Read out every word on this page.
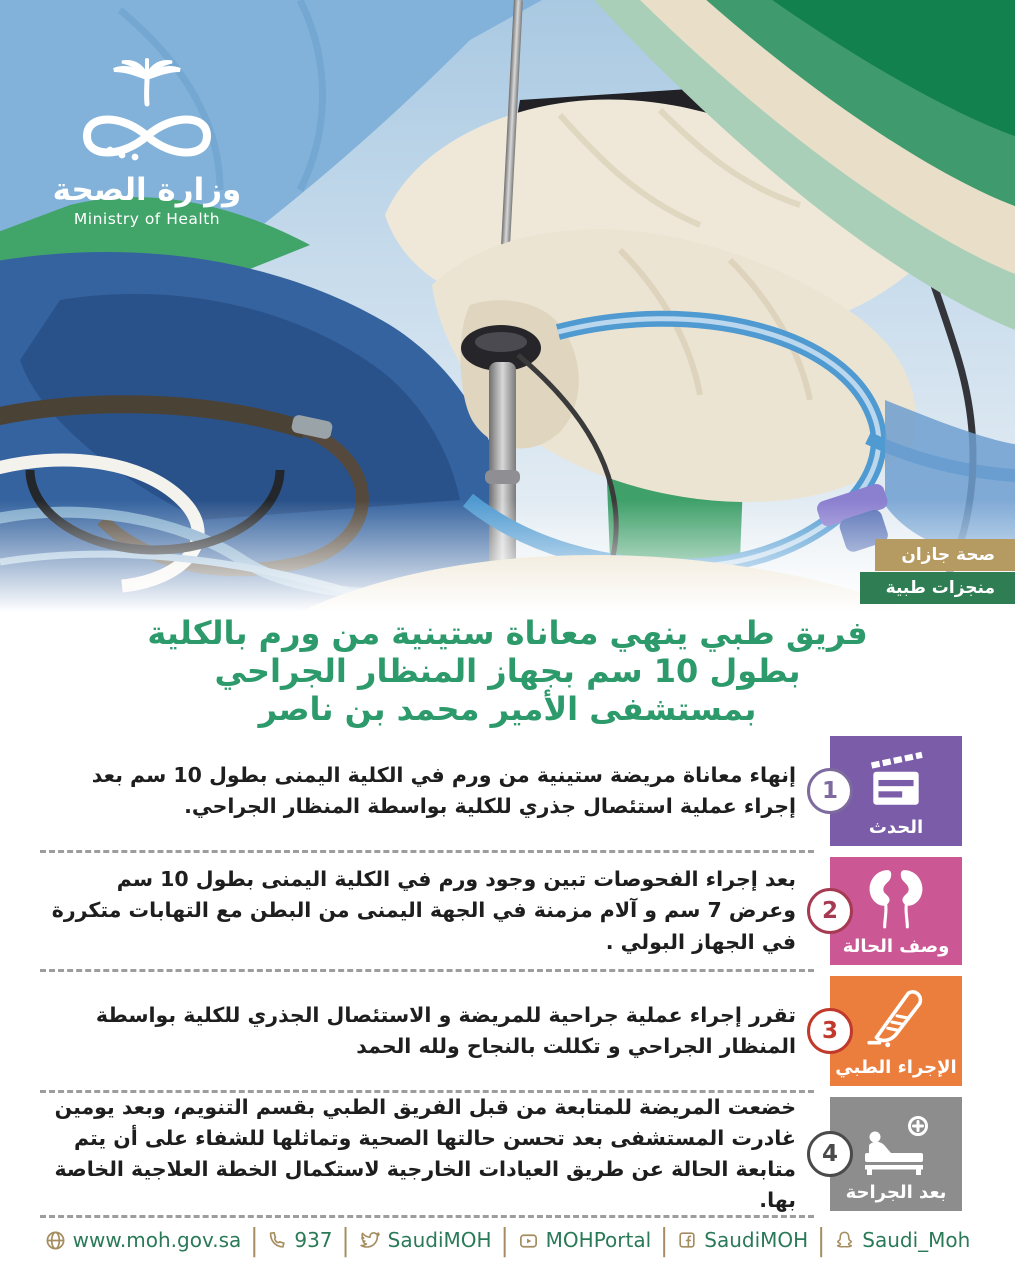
وزارة الصحة
Ministry of Health
صحة جازان
منجزات طبية
فريق طبي ينهي معاناة ستينية من ورم بالكلية
بطول 10 سم بجهاز المنظار الجراحي
بمستشفى الأمير محمد بن ناصر
الحدث
1
إنهاء معاناة مريضة ستينية من ورم في الكلية اليمنى بطول 10 سم بعد إجراء عملية استئصال جذري للكلية بواسطة المنظار الجراحي.
وصف الحالة
2
بعد إجراء الفحوصات تبين وجود ورم في الكلية اليمنى بطول 10 سم وعرض 7 سم و آلام مزمنة في الجهة اليمنى من البطن مع التهابات متكررة في الجهاز البولي .
الإجراء الطبي
3
تقرر إجراء عملية جراحية للمريضة و الاستئصال الجذري للكلية بواسطة المنظار الجراحي و تكللت بالنجاح ولله الحمد
بعد الجراحة
4
خضعت المريضة للمتابعة من قبل الفريق الطبي بقسم التنويم، وبعد يومين غادرت المستشفى بعد تحسن حالتها الصحية وتماثلها للشفاء على أن يتم متابعة الحالة عن طريق العيادات الخارجية لاستكمال الخطة العلاجية الخاصة بها.
www.moh.gov.sa | 937 | SaudiMOH | MOHPortal | SaudiMOH | Saudi_Moh
